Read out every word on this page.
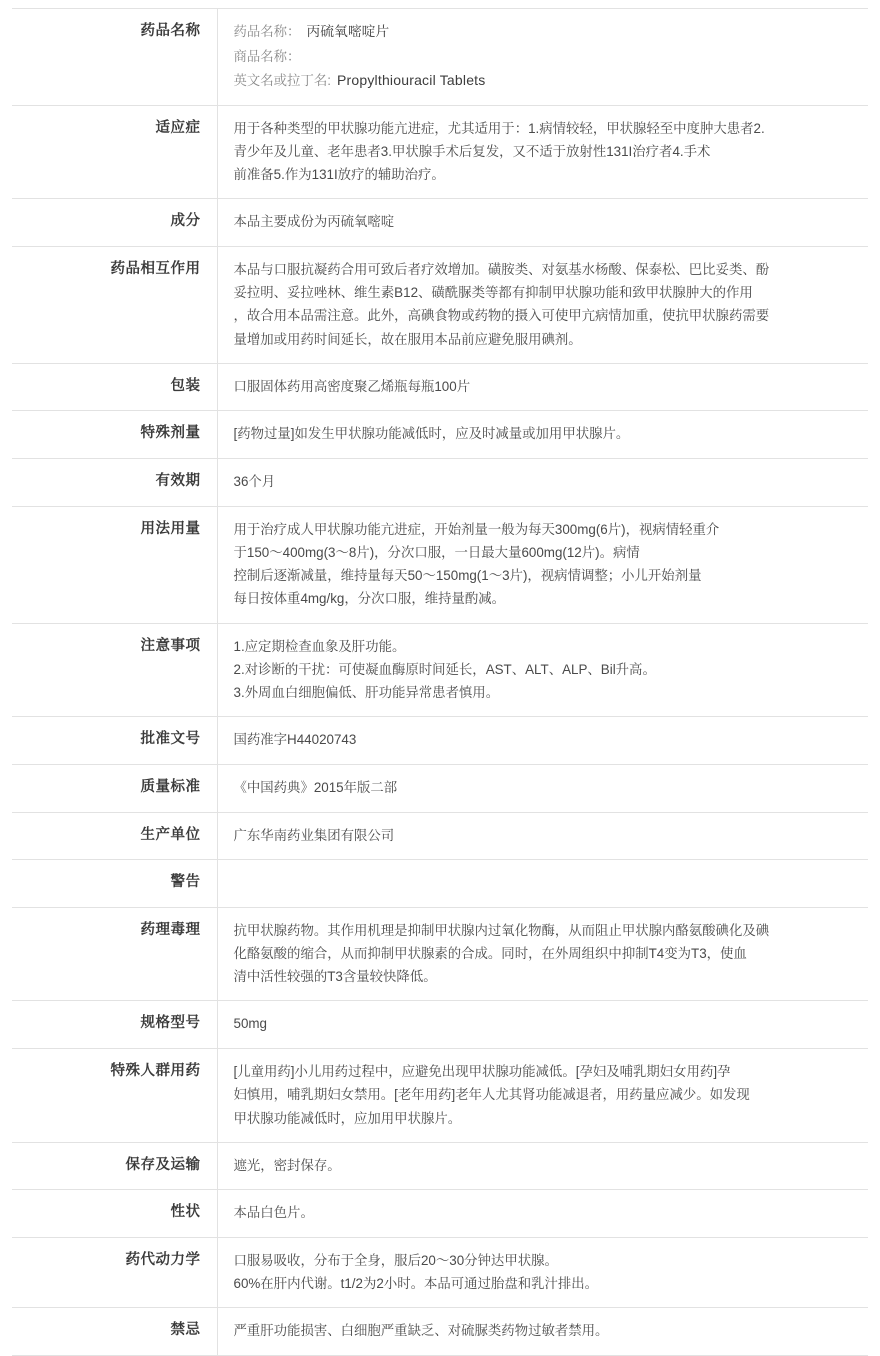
药品名称	药品名称： 丙硫氧嘧啶片
商品名称：
英文名或拉丁名: Propylthiouracil Tablets

适应症	用于各种类型的甲状腺功能亢进症，尤其适用于：1.病情较轻，甲状腺轻至中度肿大患者2.
青少年及儿童、老年患者3.甲状腺手术后复发，又不适于放射性131I治疗者4.手术
前准备5.作为131I放疗的辅助治疗。

成分	本品主要成份为丙硫氧嘧啶

药品相互作用	本品与口服抗凝药合用可致后者疗效增加。磺胺类、对氨基水杨酸、保泰松、巴比妥类、酚
妥拉明、妥拉唑林、维生素B12、磺酰脲类等都有抑制甲状腺功能和致甲状腺肿大的作用
，故合用本品需注意。此外，高碘食物或药物的摄入可使甲亢病情加重，使抗甲状腺药需要
量增加或用药时间延长，故在服用本品前应避免服用碘剂。

包装	口服固体药用高密度聚乙烯瓶每瓶100片

特殊剂量	[药物过量]如发生甲状腺功能减低时，应及时减量或加用甲状腺片。

有效期	36个月

用法用量	用于治疗成人甲状腺功能亢进症，开始剂量一般为每天300mg(6片)，视病情轻重介
于150～400mg(3～8片)，分次口服，一日最大量600mg(12片)。病情
控制后逐渐减量，维持量每天50～150mg(1～3片)，视病情调整；小儿开始剂量
每日按体重4mg/kg，分次口服，维持量酌减。

注意事项	1.应定期检查血象及肝功能。
2.对诊断的干扰：可使凝血酶原时间延长，AST、ALT、ALP、Bil升高。
3.外周血白细胞偏低、肝功能异常患者慎用。

批准文号	国药准字H44020743

质量标准	《中国药典》2015年版二部

生产单位	广东华南药业集团有限公司

警告	

药理毒理	抗甲状腺药物。其作用机理是抑制甲状腺内过氧化物酶，从而阻止甲状腺内酪氨酸碘化及碘
化酪氨酸的缩合，从而抑制甲状腺素的合成。同时，在外周组织中抑制T4变为T3，使血
清中活性较强的T3含量较快降低。

规格型号	50mg

特殊人群用药	[儿童用药]小儿用药过程中，应避免出现甲状腺功能减低。[孕妇及哺乳期妇女用药]孕
妇慎用，哺乳期妇女禁用。[老年用药]老年人尤其肾功能减退者，用药量应减少。如发现
甲状腺功能减低时，应加用甲状腺片。

保存及运输	遮光，密封保存。

性状	本品白色片。

药代动力学	口服易吸收，分布于全身，服后20～30分钟达甲状腺。
60%在肝内代谢。t1/2为2小时。本品可通过胎盘和乳汁排出。

禁忌	严重肝功能损害、白细胞严重缺乏、对硫脲类药物过敏者禁用。
